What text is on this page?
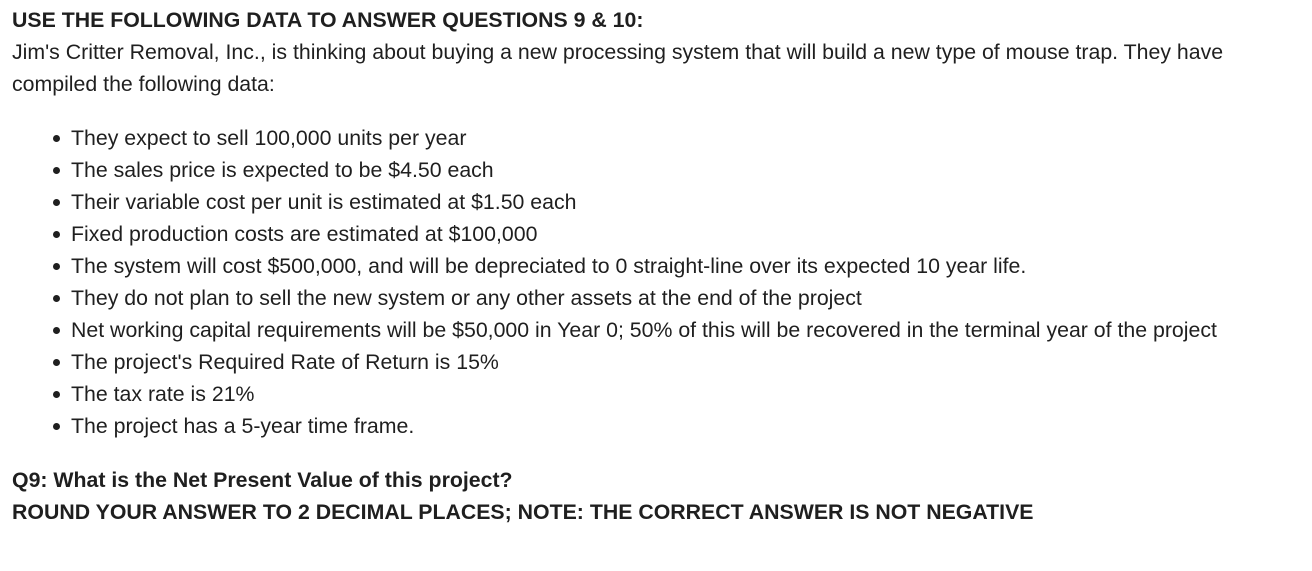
USE THE FOLLOWING DATA TO ANSWER QUESTIONS 9 & 10:

Jim's Critter Removal, Inc., is thinking about buying a new processing system that will build a new type of mouse trap. They have compiled the following data:

They expect to sell 100,000 units per year
The sales price is expected to be $4.50 each
Their variable cost per unit is estimated at $1.50 each
Fixed production costs are estimated at $100,000
The system will cost $500,000, and will be depreciated to 0 straight-line over its expected 10 year life.
They do not plan to sell the new system or any other assets at the end of the project
Net working capital requirements will be $50,000 in Year 0; 50% of this will be recovered in the terminal year of the project
The project's Required Rate of Return is 15%
The tax rate is 21%
The project has a 5-year time frame.

Q9: What is the Net Present Value of this project?

ROUND YOUR ANSWER TO 2 DECIMAL PLACES; NOTE: THE CORRECT ANSWER IS NOT NEGATIVE
